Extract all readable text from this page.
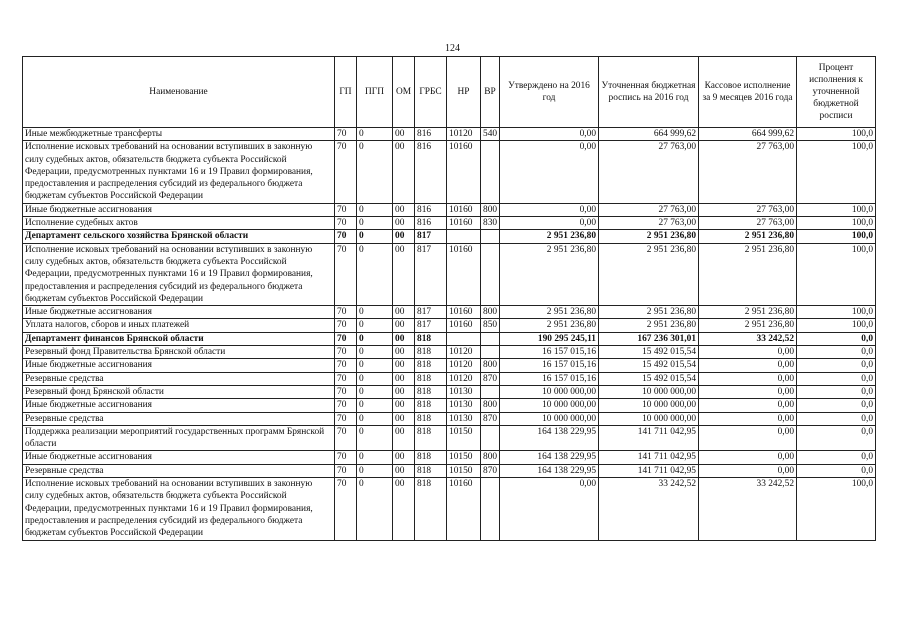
124
Наименование	ГП	ПГП	ОМ	ГРБС	НР	ВР	Утверждено на 2016 год	Уточненная бюджетная роспись на 2016 год	Кассовое исполнение за 9 месяцев 2016 года	Процент исполнения к уточненной бюджетной росписи
Иные межбюджетные трансферты	70	0	00	816	10120	540	0,00	664 999,62	664 999,62	100,0
Исполнение исковых требований на основании вступивших в законную силу судебных актов, обязательств бюджета субъекта Российской Федерации, предусмотренных пунктами 16 и 19 Правил формирования, предоставления и распределения субсидий из федерального бюджета бюджетам субъектов Российской Федерации	70	0	00	816	10160		0,00	27 763,00	27 763,00	100,0
Иные бюджетные ассигнования	70	0	00	816	10160	800	0,00	27 763,00	27 763,00	100,0
Исполнение судебных актов	70	0	00	816	10160	830	0,00	27 763,00	27 763,00	100,0
Департамент сельского хозяйства Брянской области	70	0	00	817			2 951 236,80	2 951 236,80	2 951 236,80	100,0
Исполнение исковых требований на основании вступивших в законную силу судебных актов, обязательств бюджета субъекта Российской Федерации, предусмотренных пунктами 16 и 19 Правил формирования, предоставления и распределения субсидий из федерального бюджета бюджетам субъектов Российской Федерации	70	0	00	817	10160		2 951 236,80	2 951 236,80	2 951 236,80	100,0
Иные бюджетные ассигнования	70	0	00	817	10160	800	2 951 236,80	2 951 236,80	2 951 236,80	100,0
Уплата налогов, сборов и иных платежей	70	0	00	817	10160	850	2 951 236,80	2 951 236,80	2 951 236,80	100,0
Департамент финансов Брянской области	70	0	00	818			190 295 245,11	167 236 301,01	33 242,52	0,0
Резервный фонд Правительства Брянской области	70	0	00	818	10120		16 157 015,16	15 492 015,54	0,00	0,0
Иные бюджетные ассигнования	70	0	00	818	10120	800	16 157 015,16	15 492 015,54	0,00	0,0
Резервные средства	70	0	00	818	10120	870	16 157 015,16	15 492 015,54	0,00	0,0
Резервный фонд Брянской области	70	0	00	818	10130		10 000 000,00	10 000 000,00	0,00	0,0
Иные бюджетные ассигнования	70	0	00	818	10130	800	10 000 000,00	10 000 000,00	0,00	0,0
Резервные средства	70	0	00	818	10130	870	10 000 000,00	10 000 000,00	0,00	0,0
Поддержка реализации мероприятий государственных программ Брянской области	70	0	00	818	10150		164 138 229,95	141 711 042,95	0,00	0,0
Иные бюджетные ассигнования	70	0	00	818	10150	800	164 138 229,95	141 711 042,95	0,00	0,0
Резервные средства	70	0	00	818	10150	870	164 138 229,95	141 711 042,95	0,00	0,0
Исполнение исковых требований на основании вступивших в законную силу судебных актов, обязательств бюджета субъекта Российской Федерации, предусмотренных пунктами 16 и 19 Правил формирования, предоставления и распределения субсидий из федерального бюджета бюджетам субъектов Российской Федерации	70	0	00	818	10160		0,00	33 242,52	33 242,52	100,0
